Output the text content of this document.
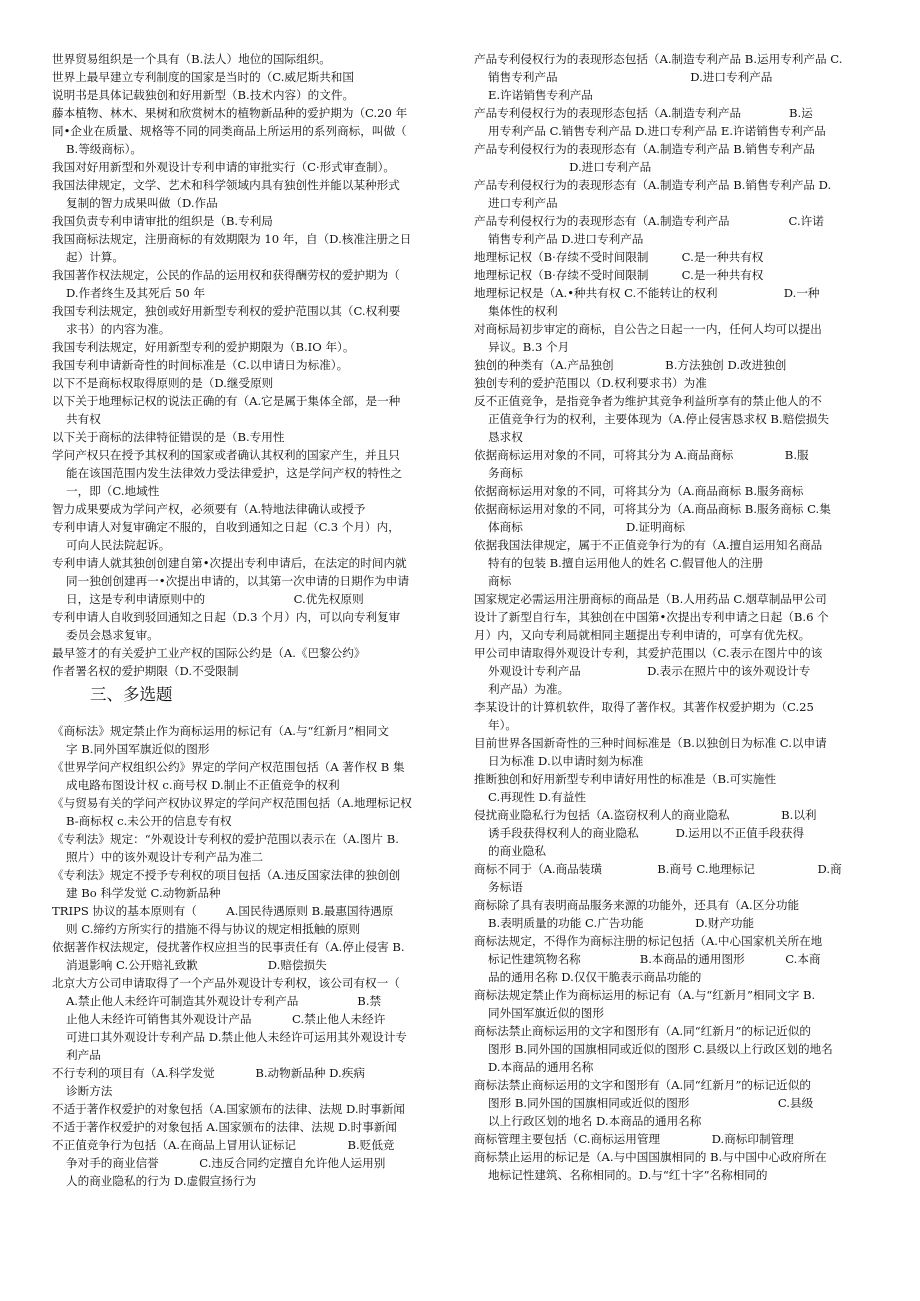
世界贸易组织是一个具有（B.法人）地位的国际组织。
世界上最早建立专利制度的国家是当时的（C.威尼斯共和国
说明书是具体记载独创和好用新型（B.技术内容）的文件。
藤本植物、林木、果树和欣赏树木的植物新品种的爱护期为（C.20 年
同•企业在质量、规格等不同的同类商品上所运用的系列商标，叫做（
B.等级商标）。
我国对好用新型和外观设计专利申请的审批实行（C·形式审查制）。
我国法律规定，文学、艺术和科学领域内具有独创性并能以某种形式
复制的智力成果叫做（D.作品
我国负责专利申请审批的组织是（B.专利局
我国商标法规定，注册商标的有效期限为 10 年，自（D.核准注册之日
起）计算。
我国著作权法规定，公民的作品的运用权和获得酬劳权的爱护期为（
D.作者终生及其死后 50 年
我国专利法规定，独创或好用新型专利权的爱护范围以其（C.权利要
求书）的内容为准。
我国专利法规定，好用新型专利的爱护期限为（B.IO 年）。
我国专利申请新奇性的时间标准是（C.以申请日为标准）。
以下不是商标权取得原则的是（D.继受原则
以下关于地理标记权的说法正确的有（A.它是属于集体全部，是一种
共有权
以下关于商标的法律特征错误的是（B.专用性
学问产权只在授予其权利的国家或者确认其权利的国家产生，并且只
能在该国范围内发生法律效力受法律爱护，这是学问产权的特性之
一，即（C.地域性
智力成果要成为学问产权，必须要有（A.特地法律确认或授予
专利申请人对复审确定不服的，自收到通知之日起（C.3 个月）内，
可向人民法院起诉。
专利申请人就其独创创建自第•次提出专利申请后，在法定的时间内就
同一独创创建再一•次提出申请的，以其第一次申请的日期作为申请
日，这是专利申请原则中的                        C.优先权原则
专利申请人自收到驳回通知之日起（D.3 个月）内，可以向专利复审
委员会恳求复审。
最早签才的有关爱护工业产权的国际公约是（A.《巴黎公约》
作者署名权的爱护期限（D.不受限制
三、多选题
《商标法》规定禁止作为商标运用的标记有（A.与“红新月”相同文
字 B.同外国军旗近似的图形
《世界学问产权组织公约》界定的学问产权范围包括（A 著作权 B 集
成电路布图设计权 c.商号权 D.制止不正值竞争的权利
《与贸易有关的学问产权协议界定的学问产权范围包括（A.地理标记权
B-商标权 c.未公开的信息专有权
《专利法》规定：“外观设计专利权的爱护范围以表示在（A.图片 B.
照片）中的该外观设计专利产品为准二
《专利法》规定不授予专利权的项目包括（A.违反国家法律的独创创
建 Bo 科学发觉 C.动物新品种
TRIPS 协议的基本原则有（        A.国民待遇原则 B.最惠国待遇原
则 C.缔约方所实行的措施不得与协议的规定相抵触的原则
依据著作权法规定，侵扰著作权应担当的民事责任有（A.停止侵害 B.
消退影响 C.公开赔礼致歉                   D.赔偿损失
北京大方公司申请取得了一个产品外观设计专利权，该公司有权一（
A.禁止他人未经许可制造其外观设计专利产品                B.禁
止他人未经许可销售其外观设计产品           C.禁止他人未经许
可进口其外观设计专利产品 D.禁止他人未经许可运用其外观设计专
利产品
不行专利的项目有（A.科学发觉           B.动物新品种 D.疾病
诊断方法
不适于著作权爱护的对象包括（A.国家颁布的法律、法规 D.时事新闻
不适于著作权爱护的对象包括 A.国家颁布的法律、法规 D.时事新闻
不正值竞争行为包括（A.在商品上冒用认证标记              B.贬低竞
争对手的商业信誉           C.违反合同约定擅自允许他人运用别
人的商业隐私的行为 D.虚假宣扬行为
产品专利侵权行为的表现形态包括（A.制造专利产品 B.运用专利产品 C.
销售专利产品                                    D.进口专利产品
E.许诺销售专利产品
产品专利侵权行为的表现形态包括（A.制造专利产品             B.运
用专利产品 C.销售专利产品 D.进口专利产品 E.许诺销售专利产品
产品专利侵权行为的表现形态有（A.制造专利产品 B.销售专利产品
D.进口专利产品
产品专利侵权行为的表现形态有（A.制造专利产品 B.销售专利产品 D.
进口专利产品
产品专利侵权行为的表现形态有（A.制造专利产品                C.许诺
销售专利产品 D.进口专利产品
地理标记权（B·存续不受时间限制         C.是一种共有权
地理标记权（B·存续不受时间限制         C.是一种共有权
地理标记权是（A.•种共有权 C.不能转让的权利                  D.一种
集体性的权利
对商标局初步审定的商标，自公告之日起一一内，任何人均可以提出
异议。B.3 个月
独创的种类有（A.产品独创              B.方法独创 D.改进独创
独创专利的爱护范围以（D.权利要求书）为准
反不正值竞争，是指竞争者为维护其竞争利益所享有的禁止他人的不
正值竞争行为的权利，主要体现为（A.停止侵害恳求权 B.赔偿损失
恳求权
依据商标运用对象的不同，可将其分为 A.商品商标              B.服
务商标
依据商标运用对象的不同，可将其分为（A.商品商标 B.服务商标
依据商标运用对象的不同，可将其分为（A.商品商标 B.服务商标 C.集
体商标                            D.证明商标
依据我国法律规定，属于不正值竞争行为的有（A.擅自运用知名商品
特有的包装 B.擅自运用他人的姓名 C.假冒他人的注册
商标
国家规定必需运用注册商标的商品是（B.人用药品 C.烟草制品甲公司
设计了新型自行车，其独创在中国第•次提出专利申请之日起（B.6 个
月）内，又向专利局就相同主题提出专利申请的，可享有优先权。
甲公司申请取得外观设计专利，其爱护范围以（C.表示在图片中的该
外观设计专利产品                  D.表示在照片中的该外观设计专
利产品）为准。
李某设计的计算机软件，取得了著作权。其著作权爱护期为（C.25
年）。
目前世界各国新奇性的三种时间标准是（B.以独创日为标准 C.以申请
日为标准 D.以申请时刻为标准
推断独创和好用新型专利申请好用性的标准是（B.可实施性
C.再现性 D.有益性
侵扰商业隐私行为包括（A.盗窃权利人的商业隐私              B.以利
诱手段获得权利人的商业隐私          D.运用以不正值手段获得
的商业隐私
商标不同于（A.商品装璜               B.商号 C.地理标记                 D.商
务标语
商标除了具有表明商品服务来源的功能外，还具有（A.区分功能
B.表明质量的功能 C.广告功能              D.财产功能
商标法规定，不得作为商标注册的标记包括（A.中心国家机关所在地
标记性建筑物名称                B.本商品的通用图形           C.本商
品的通用名称 D.仅仅干脆表示商品功能的
商标法规定禁止作为商标运用的标记有（A.与“红新月”相同文字 B.
同外国军旗近似的图形
商标法禁止商标运用的文字和图形有（A.同“红新月”的标记近似的
图形 B.同外国的国旗相同或近似的图形 C.县级以上行政区划的地名
D.本商品的通用名称
商标法禁止商标运用的文字和图形有（A.同“红新月”的标记近似的
图形 B.同外国的国旗相同或近似的图形                        C.县级
以上行政区划的地名 D.本商品的通用名称
商标管理主要包括（C.商标运用管理              D.商标印制管理
商标禁止运用的标记是（A.与中国国旗相同的 B.与中国中心政府所在
地标记性建筑、名称相同的。D.与“红十字”名称相同的
